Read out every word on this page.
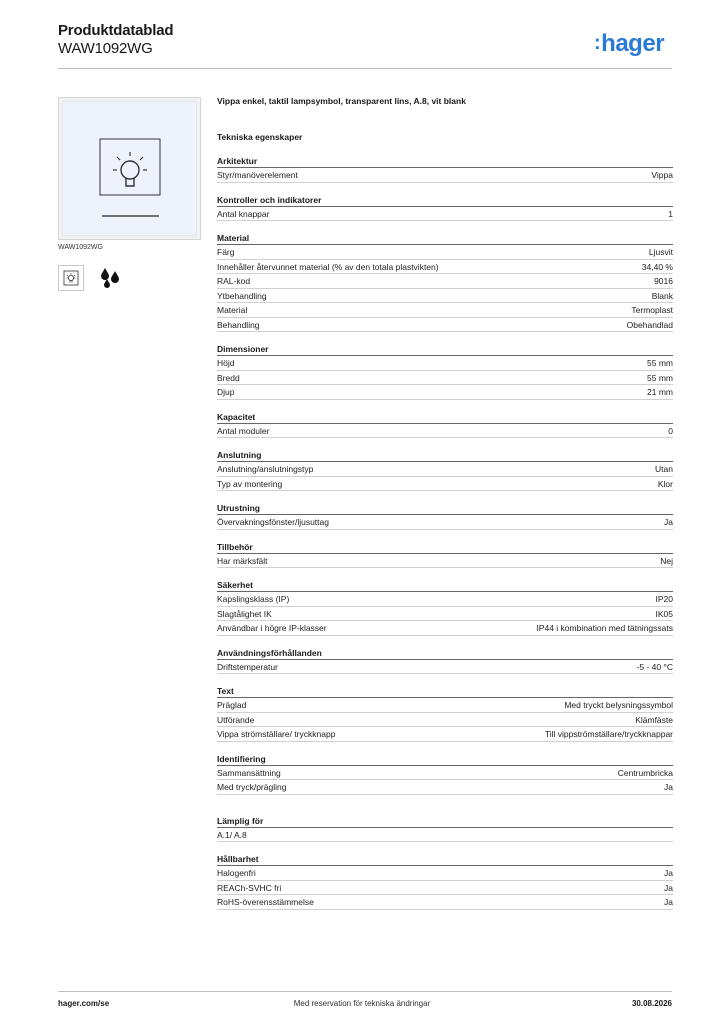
Produktdatablad
WAW1092WG	:hager
WAW1092WG
Vippa enkel, taktil lampsymbol, transparent lins, A.8, vit blank
Tekniska egenskaper
Arkitektur
Styr/manöverelement	Vippa
Kontroller och indikatorer
Antal knappar	1
Material
Färg	Ljusvit
Innehåller återvunnet material (% av den totala plastvikten)	34,40 %
RAL-kod	9016
Ytbehandling	Blank
Material	Termoplast
Behandling	Obehandlad
Dimensioner
Höjd	55 mm
Bredd	55 mm
Djup	21 mm
Kapacitet
Antal moduler	0
Anslutning
Anslutning/anslutningstyp	Utan
Typ av montering	Klor
Utrustning
Övervakningsfönster/ljusuttag	Ja
Tillbehör
Har märksfält	Nej
Säkerhet
Kapslingsklass (IP)	IP20
Slagtålighet IK	IK05
Användbar i högre IP-klasser	IP44 i kombination med tätningssats
Användningsförhållanden
Driftstemperatur	-5 - 40 °C
Text
Präglad	Med tryckt belysningssymbol
Utförande	Klämfäste
Vippa strömställare/ tryckknapp	Till vippströmställare/tryckknappar
Identifiering
Sammansättning	Centrumbricka
Med tryck/prägling	Ja
Lämplig för
A.1/ A.8
Hållbarhet
Halogenfri	Ja
REACh-SVHC fri	Ja
RoHS-överensstämmelse	Ja
hager.com/se	Med reservation för tekniska ändringar	30.08.2026
